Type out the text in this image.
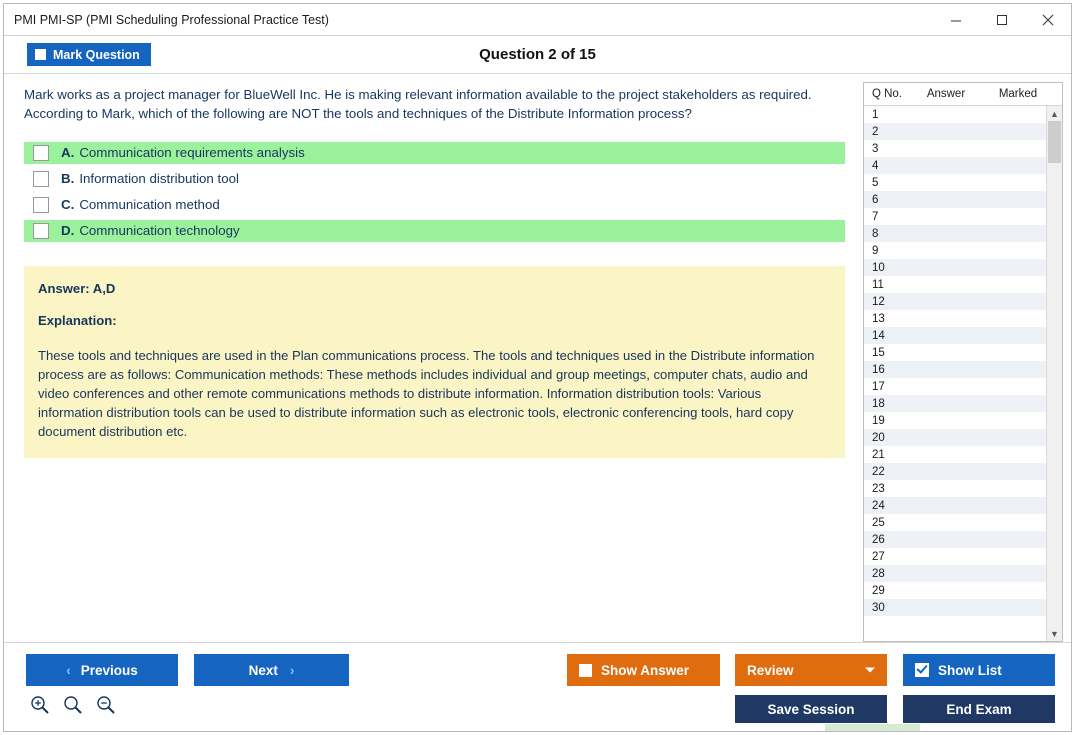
PMI PMI-SP (PMI Scheduling Professional Practice Test)
Mark Question	Question 2 of 15
Mark works as a project manager for BlueWell Inc. He is making relevant information available to the project stakeholders as required. According to Mark, which of the following are NOT the tools and techniques of the Distribute Information process?
A. Communication requirements analysis
B. Information distribution tool
C. Communication method
D. Communication technology
Answer: A,D
Explanation:
These tools and techniques are used in the Plan communications process. The tools and techniques used in the Distribute information process are as follows: Communication methods: These methods includes individual and group meetings, computer chats, audio and video conferences and other remote communications methods to distribute information. Information distribution tools: Various information distribution tools can be used to distribute information such as electronic tools, electronic conferencing tools, hard copy document distribution etc.
Q No.	Answer	Marked
1
2
3
4
5
6
7
8
9
10
11
12
13
14
15
16
17
18
19
20
21
22
23
24
25
26
27
28
29
30
▲
▼
‹ Previous	Next ›	Show Answer	Review	Show List
Save Session	End Exam
